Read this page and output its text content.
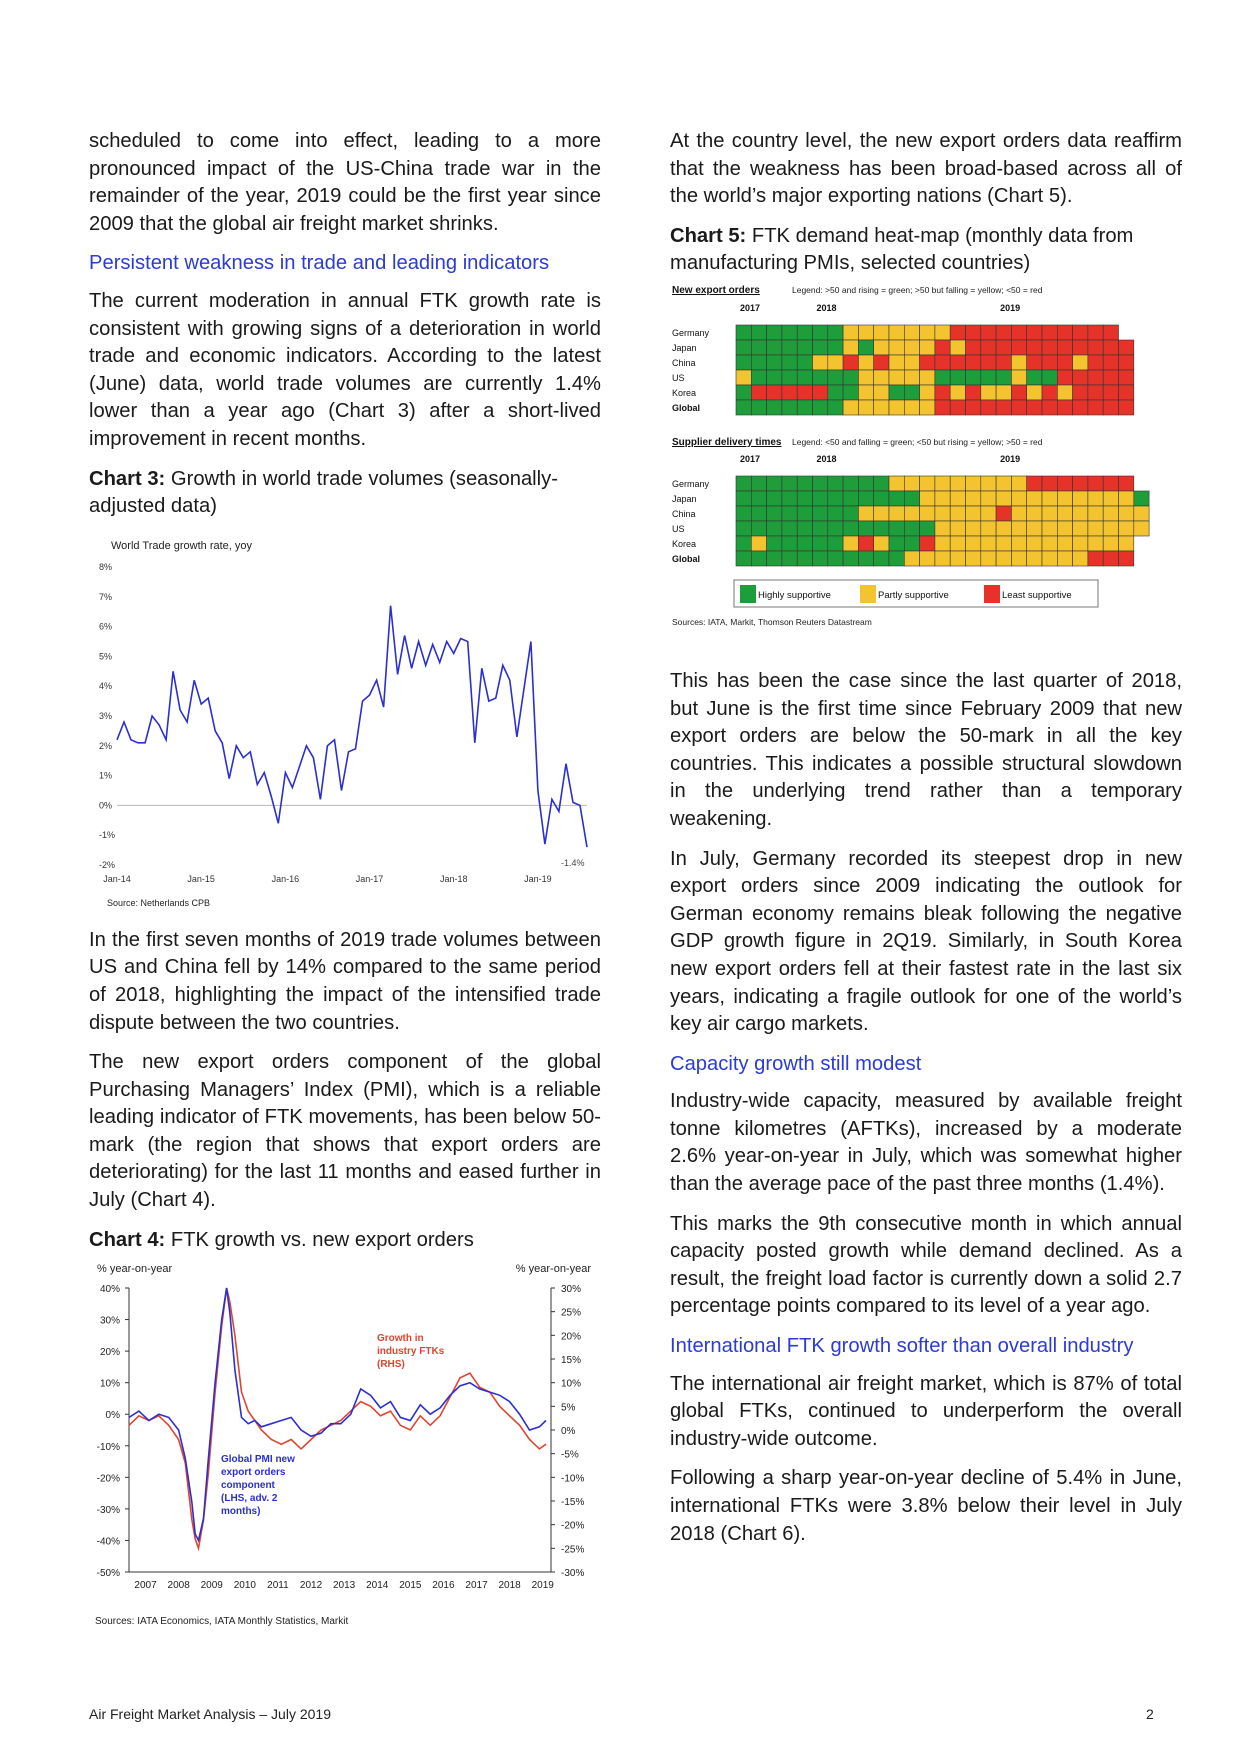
scheduled to come into effect, leading to a more pronounced impact of the US-China trade war in the remainder of the year, 2019 could be the first year since 2009 that the global air freight market shrinks.

Persistent weakness in trade and leading indicators

The current moderation in annual FTK growth rate is consistent with growing signs of a deterioration in world trade and economic indicators. According to the latest (June) data, world trade volumes are currently 1.4% lower than a year ago (Chart 3) after a short-lived improvement in recent months.

Chart 3: Growth in world trade volumes (seasonally-adjusted data)

World Trade growth rate, yoy
8%
7%
6%
5%
4%
3%
2%
1%
0%
-1%
-2%
Jan-14	Jan-15	Jan-16	Jan-17	Jan-18	Jan-19
-1.4%
Source: Netherlands CPB

In the first seven months of 2019 trade volumes between US and China fell by 14% compared to the same period of 2018, highlighting the impact of the intensified trade dispute between the two countries.

The new export orders component of the global Purchasing Managers’ Index (PMI), which is a reliable leading indicator of FTK movements, has been below 50-mark (the region that shows that export orders are deteriorating) for the last 11 months and eased further in July (Chart 4).

Chart 4: FTK growth vs. new export orders

% year-on-year	% year-on-year
40%
30%
20%
10%
0%
-10%
-20%
-30%
-40%
-50%
30%
25%
20%
15%
10%
5%
0%
-5%
-10%
-15%
-20%
-25%
-30%
2007 2008 2009 2010 2011 2012 2013 2014 2015 2016 2017 2018 2019
Growth in
industry FTKs
(RHS)
Global PMI new
export orders
component
(LHS, adv. 2
months)
Sources: IATA Economics, IATA Monthly Statistics, Markit

At the country level, the new export orders data reaffirm that the weakness has been broad-based across all of the world’s major exporting nations (Chart 5).

Chart 5: FTK demand heat-map (monthly data from manufacturing PMIs, selected countries)

New export orders	Legend: >50 and rising = green; >50 but falling = yellow; <50 = red
2017	2018	2019
Germany
Japan
China
US
Korea
Global
Supplier delivery times Legend: <50 and falling = green; <50 but rising = yellow; >50 = red
2017	2018	2019
Germany
Japan
China
US
Korea
Global
Highly supportive	Partly supportive	Least supportive
Sources: IATA, Markit, Thomson Reuters Datastream

This has been the case since the last quarter of 2018, but June is the first time since February 2009 that new export orders are below the 50-mark in all the key countries. This indicates a possible structural slowdown in the underlying trend rather than a temporary weakening.

In July, Germany recorded its steepest drop in new export orders since 2009 indicating the outlook for German economy remains bleak following the negative GDP growth figure in 2Q19. Similarly, in South Korea new export orders fell at their fastest rate in the last six years, indicating a fragile outlook for one of the world’s key air cargo markets.

Capacity growth still modest

Industry-wide capacity, measured by available freight tonne kilometres (AFTKs), increased by a moderate 2.6% year-on-year in July, which was somewhat higher than the average pace of the past three months (1.4%).

This marks the 9th consecutive month in which annual capacity posted growth while demand declined. As a result, the freight load factor is currently down a solid 2.7 percentage points compared to its level of a year ago.

International FTK growth softer than overall industry

The international air freight market, which is 87% of total global FTKs, continued to underperform the overall industry-wide outcome.

Following a sharp year-on-year decline of 5.4% in June, international FTKs were 3.8% below their level in July 2018 (Chart 6).

Air Freight Market Analysis – July 2019	2
